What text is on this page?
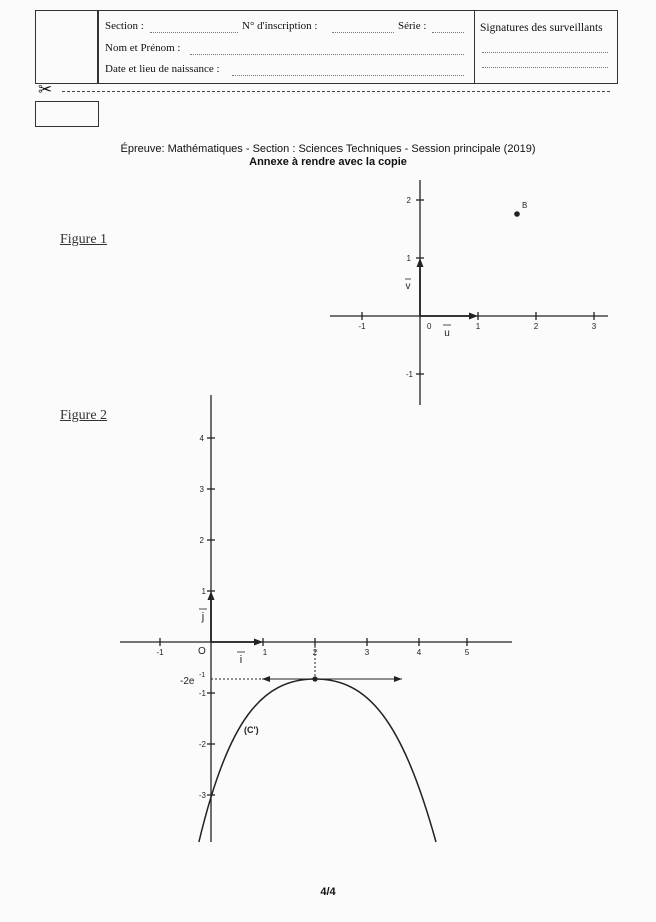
Section :	N° d'inscription :	Série :
Nom et Prénom :
Date et lieu de naissance :
Signatures des surveillants
✂
Épreuve: Mathématiques - Section : Sciences Techniques - Session principale (2019)
Annexe à rendre avec la copie
Figure 1
-1	1	2	3
2
1
-1
0
u
v
B
Figure 2
-1	1	2	3	4	5
4
3
2
1
-1
-2
-3
O
i
j
-2e
-1
(C')
4/4
